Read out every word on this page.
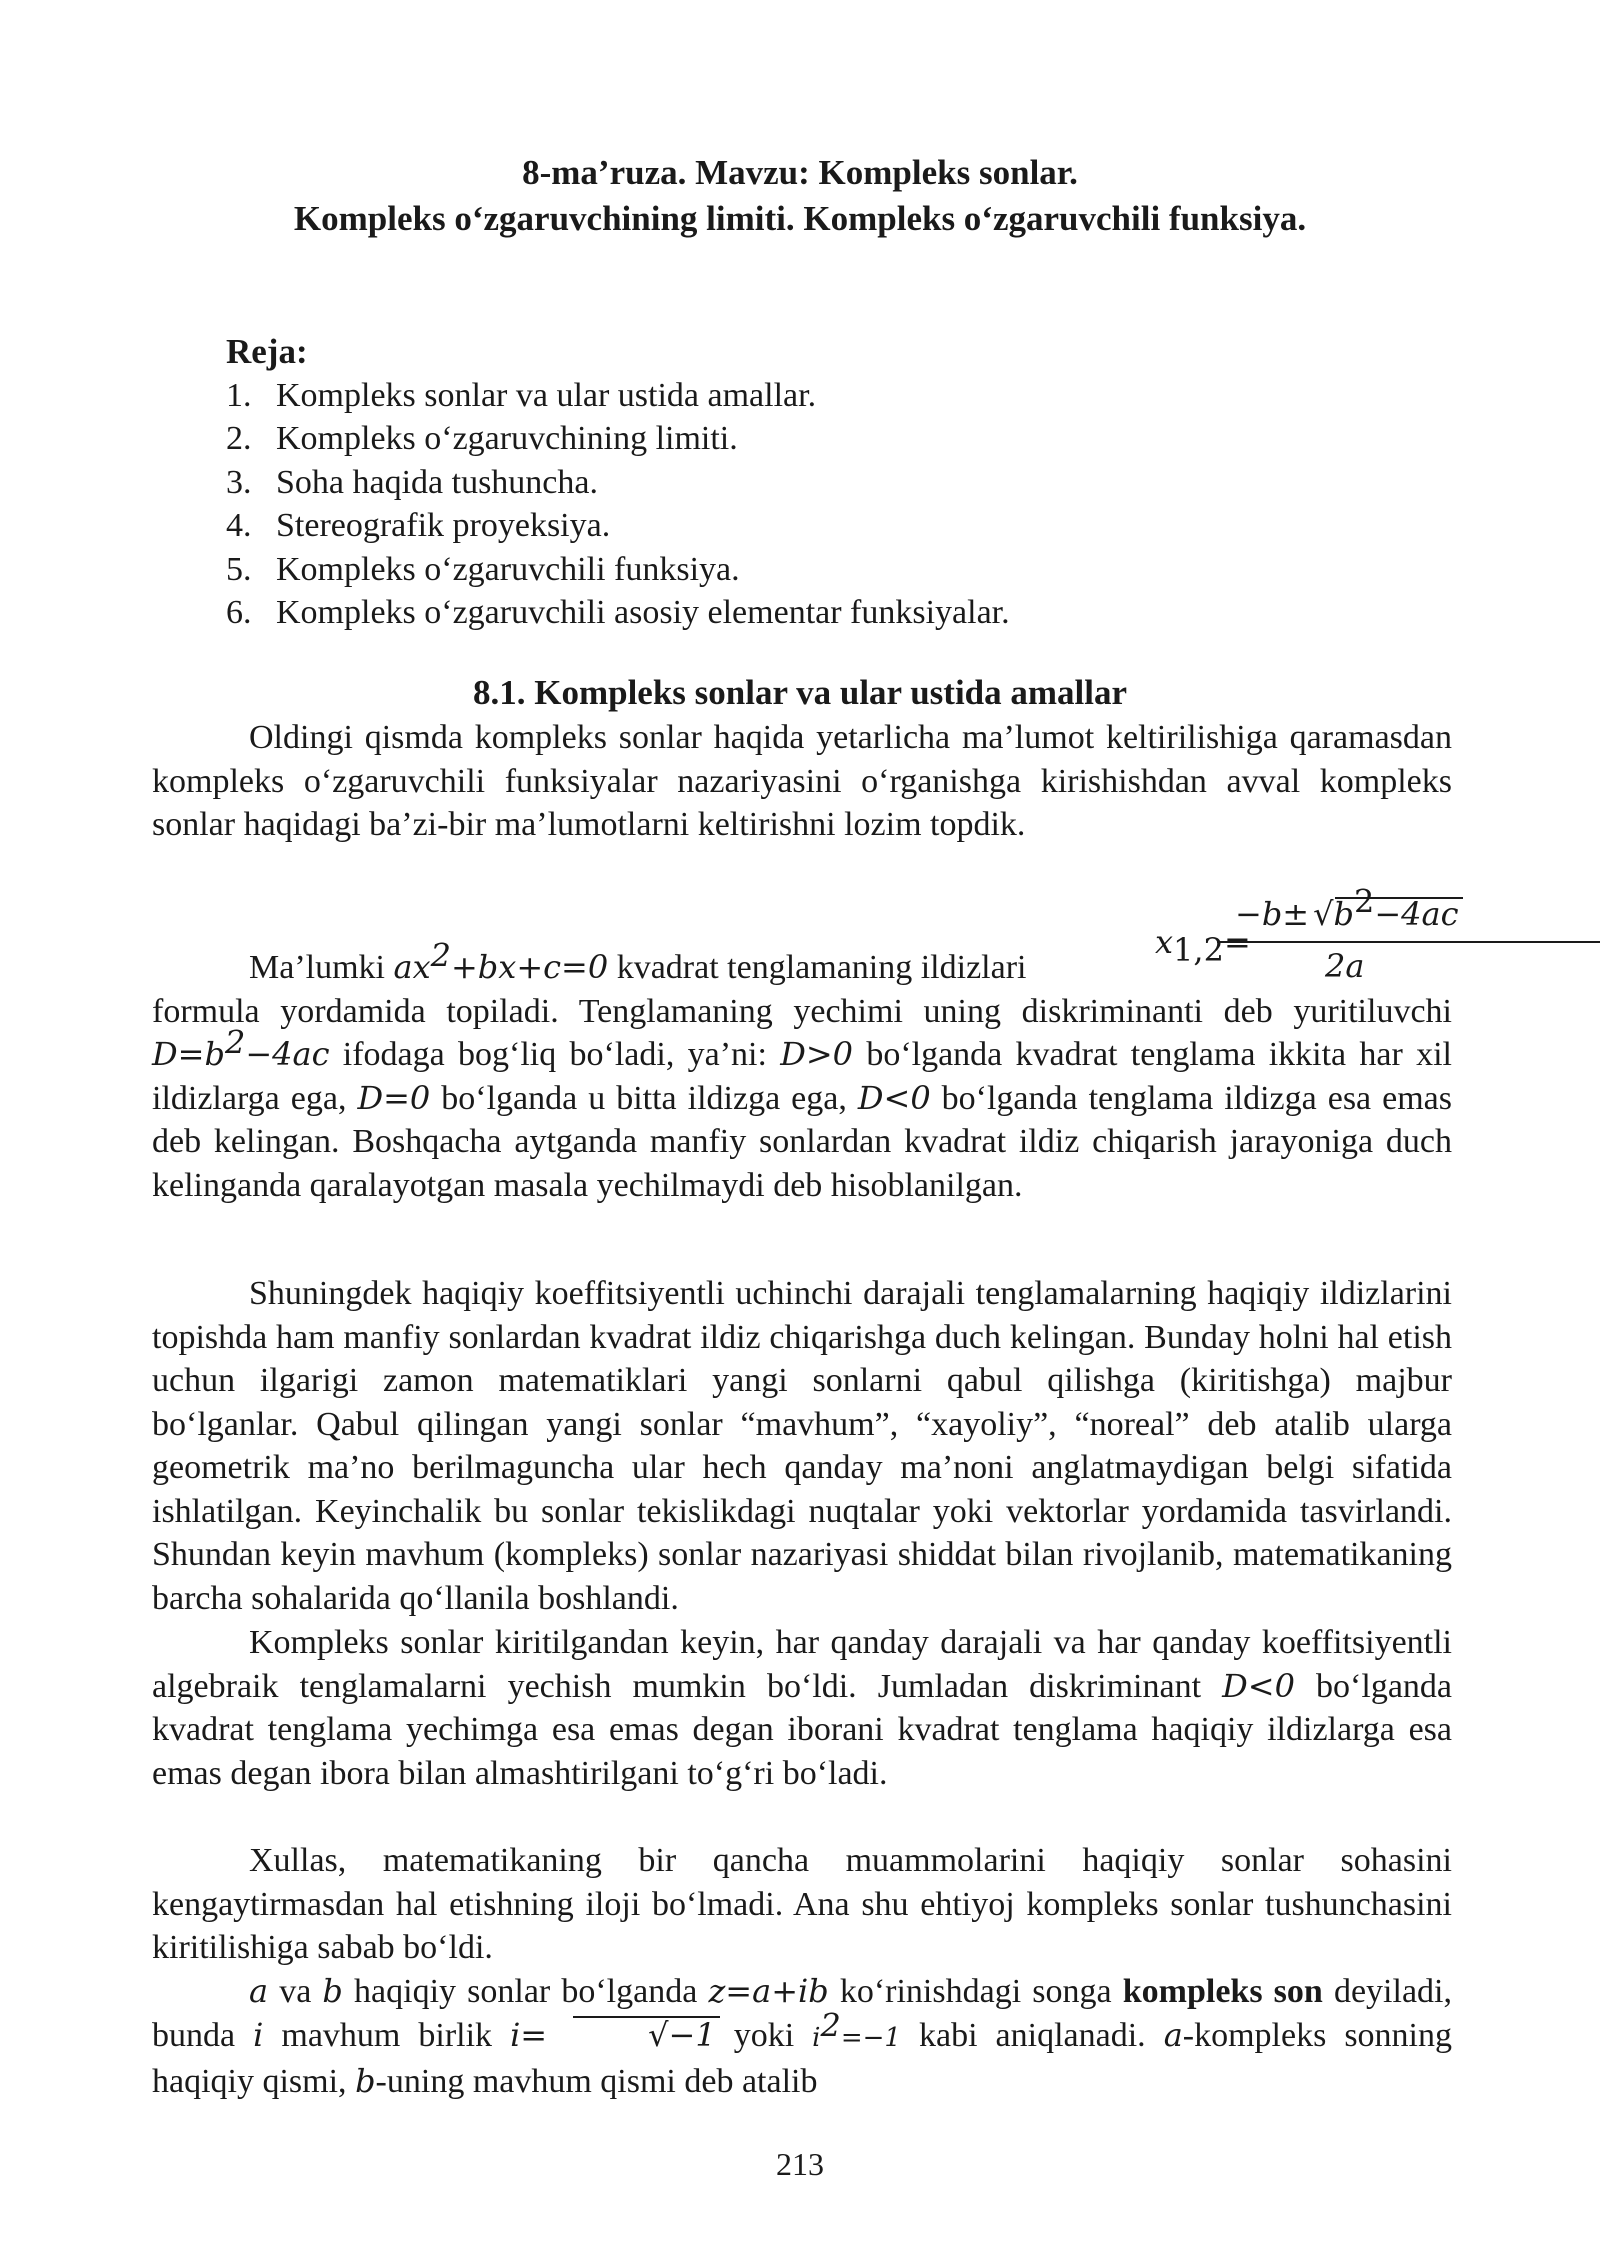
8-ma’ruza. Mavzu: Kompleks sonlar.
Kompleks o‘zgaruvchining limiti. Kompleks o‘zgaruvchili funksiya.
Reja:
1. Kompleks sonlar va ular ustida amallar.
2. Kompleks o‘zgaruvchining limiti.
3. Soha haqida tushuncha.
4. Stereografik proyeksiya.
5. Kompleks o‘zgaruvchili funksiya.
6. Kompleks o‘zgaruvchili asosiy elementar funksiyalar.
8.1. Kompleks sonlar va ular ustida amallar

Oldingi qismda kompleks sonlar haqida yetarlicha ma’lumot keltirilishiga qaramasdan kompleks o‘zgaruvchili funksiyalar nazariyasini o‘rganishga kirishishdan avval kompleks sonlar haqidagi ba’zi-bir ma’lumotlarni keltirishni lozim topdik.

$x_{1,2}=$
−b± √
$b^2-4ac$
2a

Ma’lumki $ax^2+bx+c=0$ kvadrat tenglamaning ildizlari

formula yordamida topiladi. Tenglamaning yechimi uning diskriminanti deb yuritiluvchi $D=b^2-4ac$ ifodaga bog‘liq bo‘ladi, ya’ni: D>0 bo‘lganda kvadrat tenglama ikkita har xil ildizlarga ega, D=0 bo‘lganda u bitta ildizga ega, D<0 bo‘lganda tenglama ildizga esa emas deb kelingan. Boshqacha aytganda manfiy sonlardan kvadrat ildiz chiqarish jarayoniga duch kelinganda qaralayotgan masala yechilmaydi deb hisoblanilgan.

Shuningdek haqiqiy koeffitsiyentli uchinchi darajali tenglamalarning haqiqiy ildizlarini topishda ham manfiy sonlardan kvadrat ildiz chiqarishga duch kelingan. Bunday holni hal etish uchun ilgarigi zamon matematiklari yangi sonlarni qabul qilishga (kiritishga) majbur bo‘lganlar. Qabul qilingan yangi sonlar “mavhum”, “xayoliy”, “noreal” deb atalib ularga geometrik ma’no berilmaguncha ular hech qanday ma’noni anglatmaydigan belgi sifatida ishlatilgan. Keyinchalik bu sonlar tekislikdagi nuqtalar yoki vektorlar yordamida tasvirlandi. Shundan keyin mavhum (kompleks) sonlar nazariyasi shiddat bilan rivojlanib, matematikaning barcha sohalarida qo‘llanila boshlandi.

Kompleks sonlar kiritilgandan keyin, har qanday darajali va har qanday koeffitsiyentli algebraik tenglamalarni yechish mumkin bo‘ldi. Jumladan diskriminant D<0 bo‘lganda kvadrat tenglama yechimga esa emas degan iborani kvadrat tenglama haqiqiy ildizlarga esa emas degan ibora bilan almashtirilgani to‘g‘ri bo‘ladi.

Xullas, matematikaning bir qancha muammolarini haqiqiy sonlar sohasini kengaytirmasdan hal etishning iloji bo‘lmadi. Ana shu ehtiyoj kompleks sonlar tushunchasini kiritilishiga sabab bo‘ldi.

a va b haqiqiy sonlar bo‘lganda z=a+ib ko‘rinishdagi songa kompleks son deyiladi, bunda i mavhum birlik i=	√
−1 yoki $i^2=-1$ kabi aniqlanadi. a-kompleks sonning haqiqiy qismi, b-uning mavhum qismi deb atalib

213
